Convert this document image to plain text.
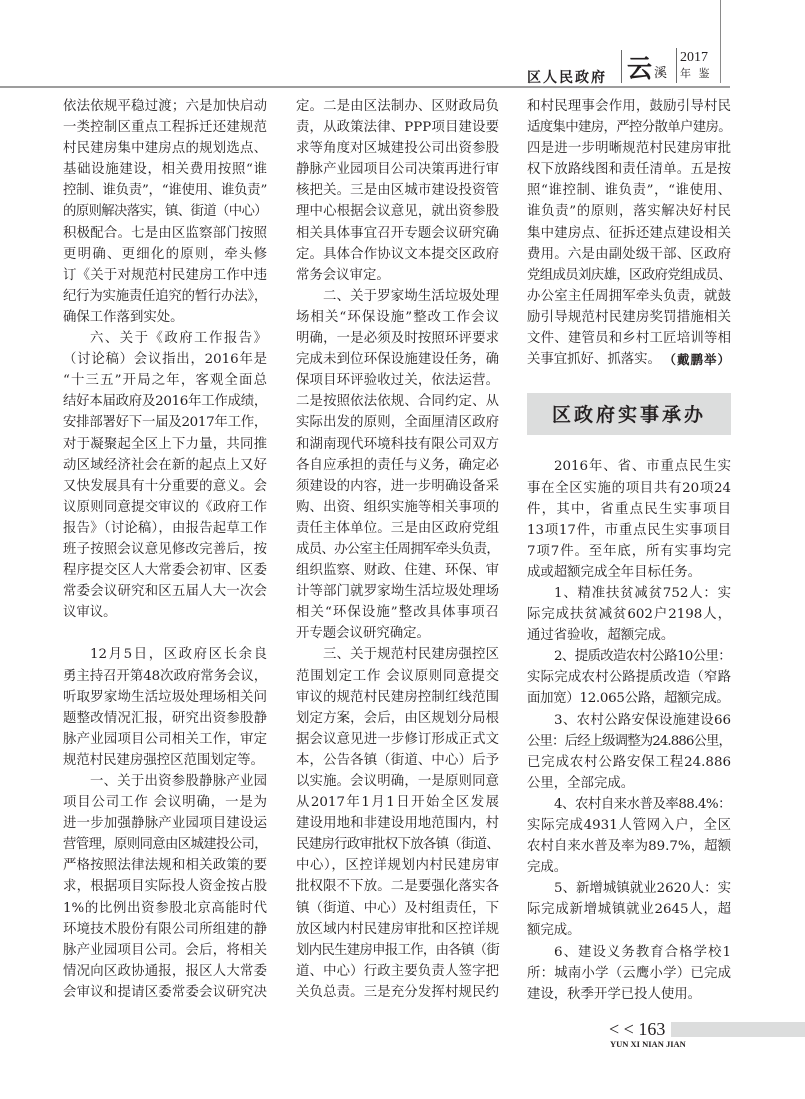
区人民政府 云 溪
2017
年 鉴
依法依规平稳过渡；六是加快启动
一类控制区重点工程拆迁还建规范
村民建房集中建房点的规划选点、
基础设施建设，相关费用按照“谁
控制、谁负责”，“谁使用、谁负责”
的原则解决落实，镇、街道（中心）
积极配合。七是由区监察部门按照
更明确、更细化的原则，牵头修
订《关于对规范村民建房工作中违
纪行为实施责任追究的暂行办法》，
确保工作落到实处。
六、关于《政府工作报告》
（讨论稿）会议指出，2016年是
“十三五”开局之年，客观全面总
结好本届政府及2016年工作成绩，
安排部署好下一届及2017年工作，
对于凝聚起全区上下力量，共同推
动区域经济社会在新的起点上又好
又快发展具有十分重要的意义。会
议原则同意提交审议的《政府工作
报告》（讨论稿），由报告起草工作
班子按照会议意见修改完善后，按
程序提交区人大常委会初审、区委
常委会议研究和区五届人大一次会
议审议。
12月5日，区政府区长余良
勇主持召开第48次政府常务会议，
听取罗家坳生活垃圾处理场相关问
题整改情况汇报，研究出资参股静
脉产业园项目公司相关工作，审定
规范村民建房强控区范围划定等。
一、关于出资参股静脉产业园
项目公司工作 会议明确，一是为
进一步加强静脉产业园项目建设运
营管理，原则同意由区城建投公司，
严格按照法律法规和相关政策的要
求，根据项目实际投人资金按占股
1%的比例出资参股北京高能时代
环境技术股份有限公司所组建的静
脉产业园项目公司。会后，将相关
情况向区政协通报，报区人大常委
会审议和提请区委常委会议研究决
定。二是由区法制办、区财政局负
责，从政策法律、PPP项目建设要
求等角度对区城建投公司出资参股
静脉产业园项目公司决策再进行审
核把关。三是由区城市建设投资管
理中心根据会议意见，就出资参股
相关具体事宜召开专题会议研究确
定。具体合作协议文本提交区政府
常务会议审定。
二、关于罗家坳生活垃圾处理
场相关“环保设施”整改工作会议
明确，一是必须及时按照环评要求
完成未到位环保设施建设任务，确
保项目环评验收过关，依法运营。
二是按照依法依规、合同约定、从
实际出发的原则，全面厘清区政府
和湖南现代环境科技有限公司双方
各自应承担的责任与义务，确定必
须建设的内容，进一步明确设备采
购、出资、组织实施等相关事项的
责任主体单位。三是由区政府党组
成员、办公室主任周拥军牵头负责，
组织监察、财政、住建、环保、审
计等部门就罗家坳生活垃圾处理场
相关“环保设施”整改具体事项召
开专题会议研究确定。
三、关于规范村民建房强控区
范围划定工作 会议原则同意提交
审议的规范村民建房控制红线范围
划定方案，会后，由区规划分局根
据会议意见进一步修订形成正式文
本，公告各镇（街道、中心）后予
以实施。会议明确，一是原则同意
从2017年1月1日开始全区发展
建设用地和非建设用地范围内，村
民建房行政审批权下放各镇（街道、
中心），区控详规划内村民建房审
批权限不下放。二是要强化落实各
镇（街道、中心）及村组责任，下
放区域内村民建房审批和区控详规
划内民生建房申报工作，由各镇（街
道、中心）行政主要负责人签字把
关负总责。三是充分发挥村规民约
和村民理事会作用，鼓励引导村民
适度集中建房，严控分散单户建房。
四是进一步明晰规范村民建房审批
权下放路线图和责任清单。五是按
照“谁控制、谁负责”，“谁使用、
谁负责”的原则，落实解决好村民
集中建房点、征拆还建点建设相关
费用。六是由副处级干部、区政府
党组成员刘庆雄，区政府党组成员、
办公室主任周拥军牵头负责，就鼓
励引导规范村民建房奖罚措施相关
文件、建管员和乡村工匠培训等相
关事宜抓好、抓落实。 （戴鹏举）
区政府实事承办
2016年、省、市重点民生实
事在全区实施的项目共有20项24
件，其中，省重点民生实事项目
13项17件，市重点民生实事项目
7项7件。至年底，所有实事均完
成或超额完成全年目标任务。
1、精准扶贫减贫752人：实
际完成扶贫减贫602户2198人，
通过省验收，超额完成。
2、提质改造农村公路10公里：
实际完成农村公路提质改造（窄路
面加宽）12.065公路，超额完成。
3、农村公路安保设施建设66
公里：后经上级调整为24.886公里，
已完成农村公路安保工程24.886
公里，全部完成。
4、农村自来水普及率88.4%：
实际完成4931人管网入户，全区
农村自来水普及率为89.7%，超额
完成。
5、新增城镇就业2620人：实
际完成新增城镇就业2645人，超
额完成。
6、建设义务教育合格学校1
所：城南小学（云鹰小学）已完成
建设，秋季开学已投人使用。
< < 163
YUN XI NIAN JIAN
